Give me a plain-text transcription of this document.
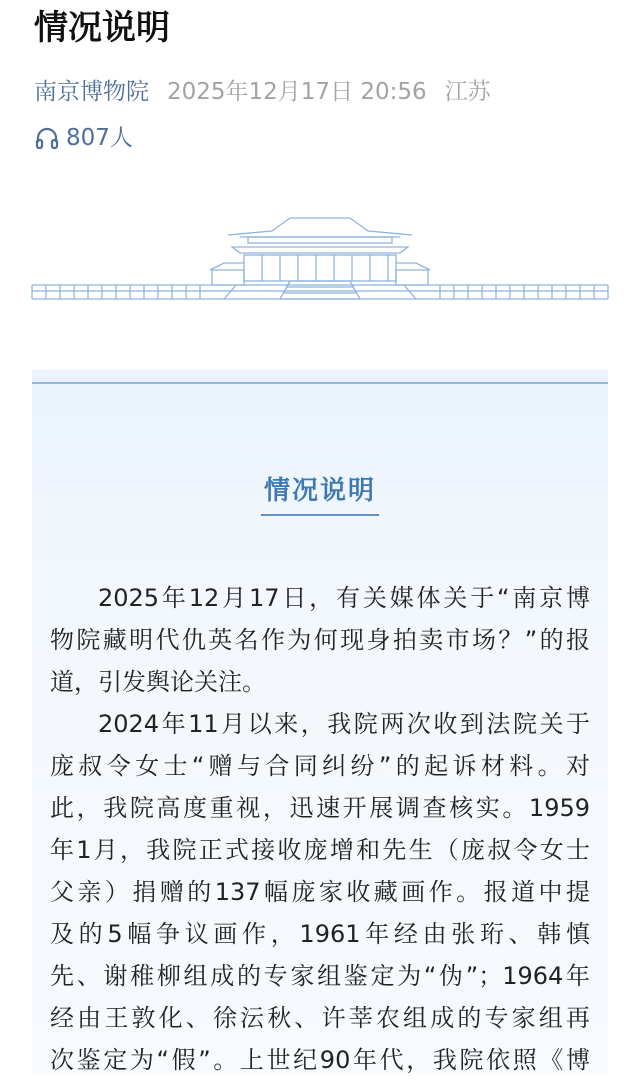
情况说明
南京博物院 2025年12月17日 20:56 江苏
807人
情况说明

2025年12月17日，有关媒体关于“南京博
物院藏明代仇英名作为何现身拍卖市场？”的报
道，引发舆论关注。

2024年11月以来，我院两次收到法院关于
庞叔令女士“赠与合同纠纷”的起诉材料。对
此，我院高度重视，迅速开展调查核实。1959
年1月，我院正式接收庞增和先生（庞叔令女士
父亲）捐赠的137幅庞家收藏画作。报道中提
及的5幅争议画作，1961年经由张珩、韩慎
先、谢稚柳组成的专家组鉴定为“伪”；1964年
经由王敦化、徐沄秋、许莘农组成的专家组再
次鉴定为“假”。上世纪90年代，我院依照《博
